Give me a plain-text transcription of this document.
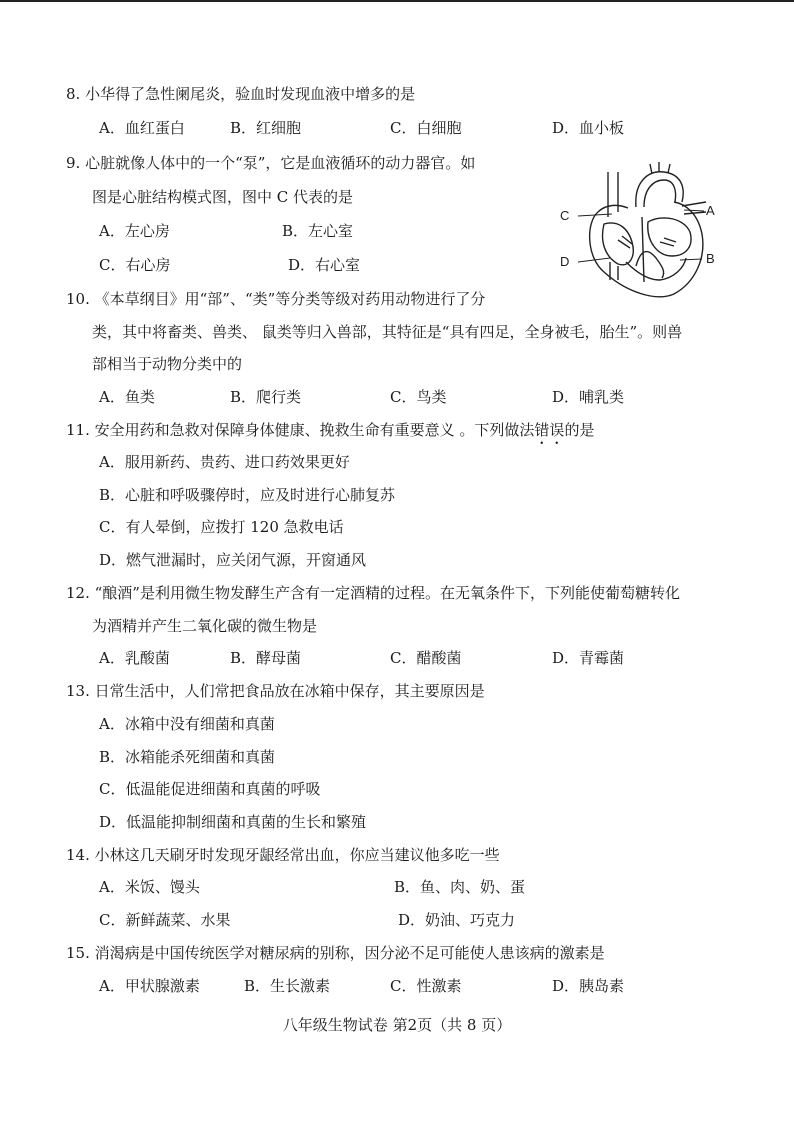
8. 小华得了急性阑尾炎，验血时发现血液中增多的是
A．血红蛋白	B．红细胞	C．白细胞	D．血小板
9. 心脏就像人体中的一个“泵”，它是血液循环的动力器官。如
图是心脏结构模式图，图中 C 代表的是
A．左心房	B．左心室
C．右心房	D．右心室
C	A
D	B
10. 《本草纲目》用“部”、“类”等分类等级对药用动物进行了分
类，其中将畜类、兽类、 鼠类等归入兽部，其特征是“具有四足，全身被毛，胎生”。则兽
部相当于动物分类中的
A．鱼类	B．爬行类	C．鸟类	D．哺乳类
11. 安全用药和急救对保障身体健康、挽救生命有重要意义 。下列做法错误的是
A．服用新药、贵药、进口药效果更好
B．心脏和呼吸骤停时，应及时进行心肺复苏
C．有人晕倒，应拨打 120 急救电话
D．燃气泄漏时，应关闭气源，开窗通风
12. “酿酒”是利用微生物发酵生产含有一定酒精的过程。在无氧条件下，下列能使葡萄糖转化
为酒精并产生二氧化碳的微生物是
A．乳酸菌	B．酵母菌	C．醋酸菌	D．青霉菌
13. 日常生活中，人们常把食品放在冰箱中保存，其主要原因是
A．冰箱中没有细菌和真菌
B．冰箱能杀死细菌和真菌
C．低温能促进细菌和真菌的呼吸
D．低温能抑制细菌和真菌的生长和繁殖
14. 小林这几天刷牙时发现牙龈经常出血，你应当建议他多吃一些
A．米饭、馒头	B．鱼、肉、奶、蛋
C．新鲜蔬菜、水果	D．奶油、巧克力
15. 消渴病是中国传统医学对糖尿病的别称，因分泌不足可能使人患该病的激素是
A．甲状腺激素	B．生长激素	C．性激素	D．胰岛素
八年级生物试卷 第2页（共 8 页）
